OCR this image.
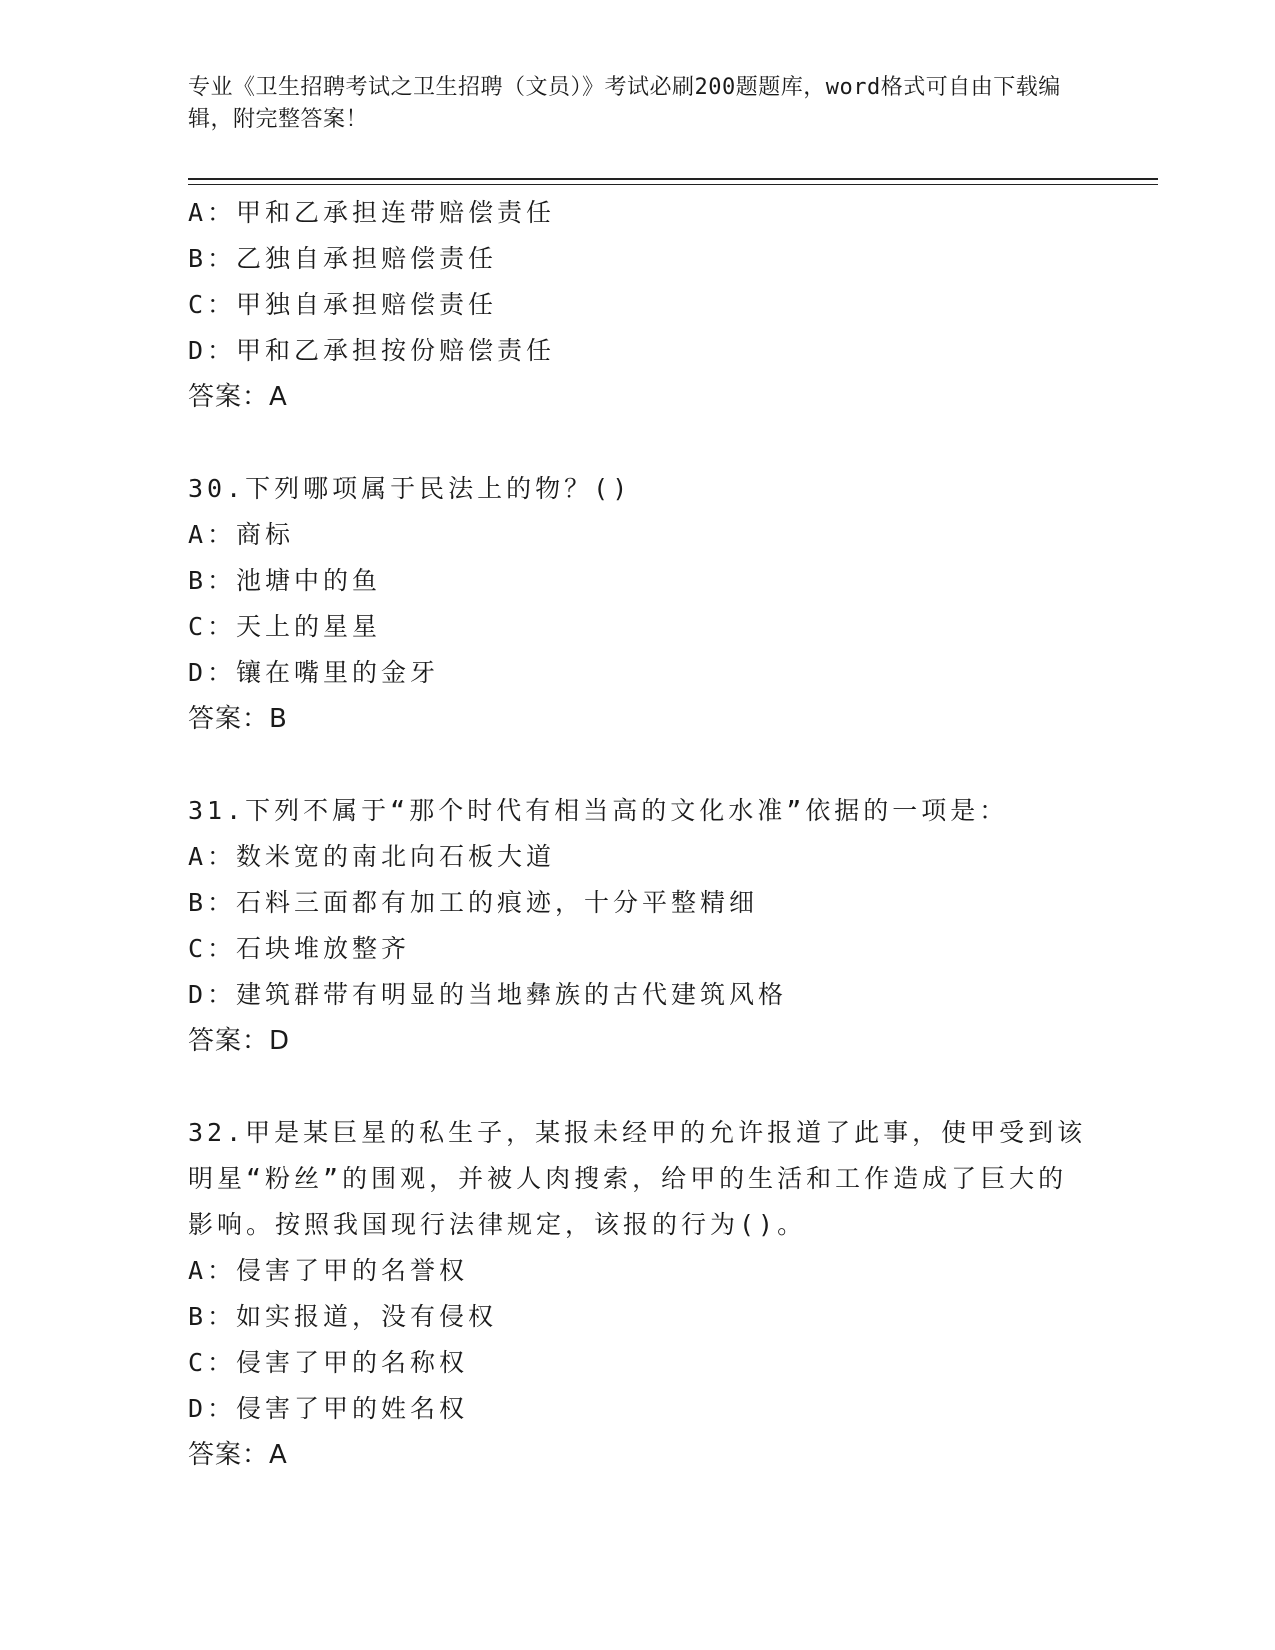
专业《卫生招聘考试之卫生招聘（文员）》考试必刷200题题库，word格式可自由下载编辑，附完整答案！
A：甲和乙承担连带赔偿责任
B：乙独自承担赔偿责任
C：甲独自承担赔偿责任
D：甲和乙承担按份赔偿责任
答案：A
30.下列哪项属于民法上的物？()
A：商标
B：池塘中的鱼
C：天上的星星
D：镶在嘴里的金牙
答案：B
31.下列不属于“那个时代有相当高的文化水准”依据的一项是：
A：数米宽的南北向石板大道
B：石料三面都有加工的痕迹，十分平整精细
C：石块堆放整齐
D：建筑群带有明显的当地彝族的古代建筑风格
答案：D
32.甲是某巨星的私生子，某报未经甲的允许报道了此事，使甲受到该明星“粉丝”的围观，并被人肉搜索，给甲的生活和工作造成了巨大的影响。按照我国现行法律规定，该报的行为()。
A：侵害了甲的名誉权
B：如实报道，没有侵权
C：侵害了甲的名称权
D：侵害了甲的姓名权
答案：A
